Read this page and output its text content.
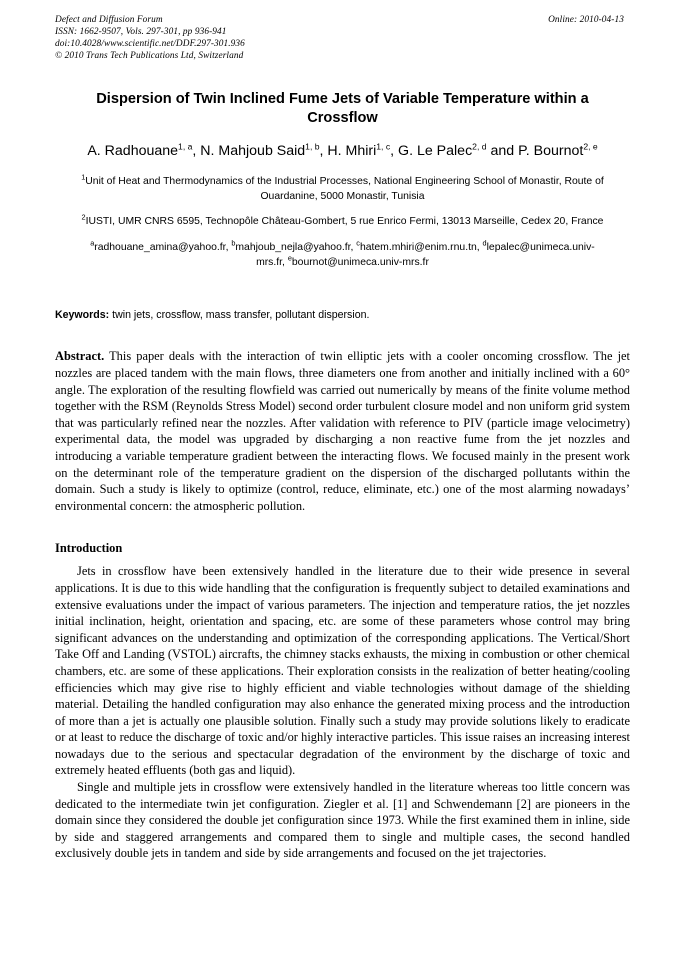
Defect and Diffusion Forum
ISSN: 1662-9507, Vols. 297-301, pp 936-941
doi:10.4028/www.scientific.net/DDF.297-301.936
© 2010 Trans Tech Publications Ltd, Switzerland
Online: 2010-04-13
Dispersion of Twin Inclined Fume Jets of Variable Temperature within a Crossflow
A. Radhouane$^{1, a}$, N. Mahjoub Said$^{1, b}$, H. Mhiri$^{1, c}$, G. Le Palec$^{2, d}$ and P. Bournot$^{2, e}$
$^1$Unit of Heat and Thermodynamics of the Industrial Processes, National Engineering School of Monastir, Route of Ouardanine, 5000 Monastir, Tunisia
$^2$IUSTI, UMR CNRS 6595, Technopôle Château-Gombert, 5 rue Enrico Fermi, 13013 Marseille, Cedex 20, France
$^a$radhouane_amina@yahoo.fr, $^b$mahjoub_nejla@yahoo.fr, $^c$hatem.mhiri@enim.rnu.tn, $^d$lepalec@unimeca.univ-mrs.fr, $^e$bournot@unimeca.univ-mrs.fr
Keywords: twin jets, crossflow, mass transfer, pollutant dispersion.
Abstract. This paper deals with the interaction of twin elliptic jets with a cooler oncoming crossflow. The jet nozzles are placed tandem with the main flows, three diameters one from another and initially inclined with a 60° angle. The exploration of the resulting flowfield was carried out numerically by means of the finite volume method together with the RSM (Reynolds Stress Model) second order turbulent closure model and non uniform grid system that was particularly refined near the nozzles. After validation with reference to PIV (particle image velocimetry) experimental data, the model was upgraded by discharging a non reactive fume from the jet nozzles and introducing a variable temperature gradient between the interacting flows. We focused mainly in the present work on the determinant role of the temperature gradient on the dispersion of the discharged pollutants within the domain. Such a study is likely to optimize (control, reduce, eliminate, etc.) one of the most alarming nowadays’ environmental concern: the atmospheric pollution.
Introduction
Jets in crossflow have been extensively handled in the literature due to their wide presence in several applications. It is due to this wide handling that the configuration is frequently subject to detailed examinations and extensive evaluations under the impact of various parameters. The injection and temperature ratios, the jet nozzles initial inclination, height, orientation and spacing, etc. are some of these parameters whose control may bring significant advances on the understanding and optimization of the corresponding applications. The Vertical/Short Take Off and Landing (VSTOL) aircrafts, the chimney stacks exhausts, the mixing in combustion or other chemical chambers, etc. are some of these applications. Their exploration consists in the realization of better heating/cooling efficiencies which may give rise to highly efficient and viable technologies without damage of the shielding material. Detailing the handled configuration may also enhance the generated mixing process and the introduction of more than a jet is actually one plausible solution. Finally such a study may provide solutions likely to eradicate or at least to reduce the discharge of toxic and/or highly interactive particles. This issue raises an increasing interest nowadays due to the serious and spectacular degradation of the environment by the discharge of toxic and extremely heated effluents (both gas and liquid).
Single and multiple jets in crossflow were extensively handled in the literature whereas too little concern was dedicated to the intermediate twin jet configuration. Ziegler et al. [1] and Schwendemann [2] are pioneers in the domain since they considered the double jet configuration since 1973. While the first examined them in inline, side by side and staggered arrangements and compared them to single and multiple cases, the second handled exclusively double jets in tandem and side by side arrangements and focused on the jet trajectories.
